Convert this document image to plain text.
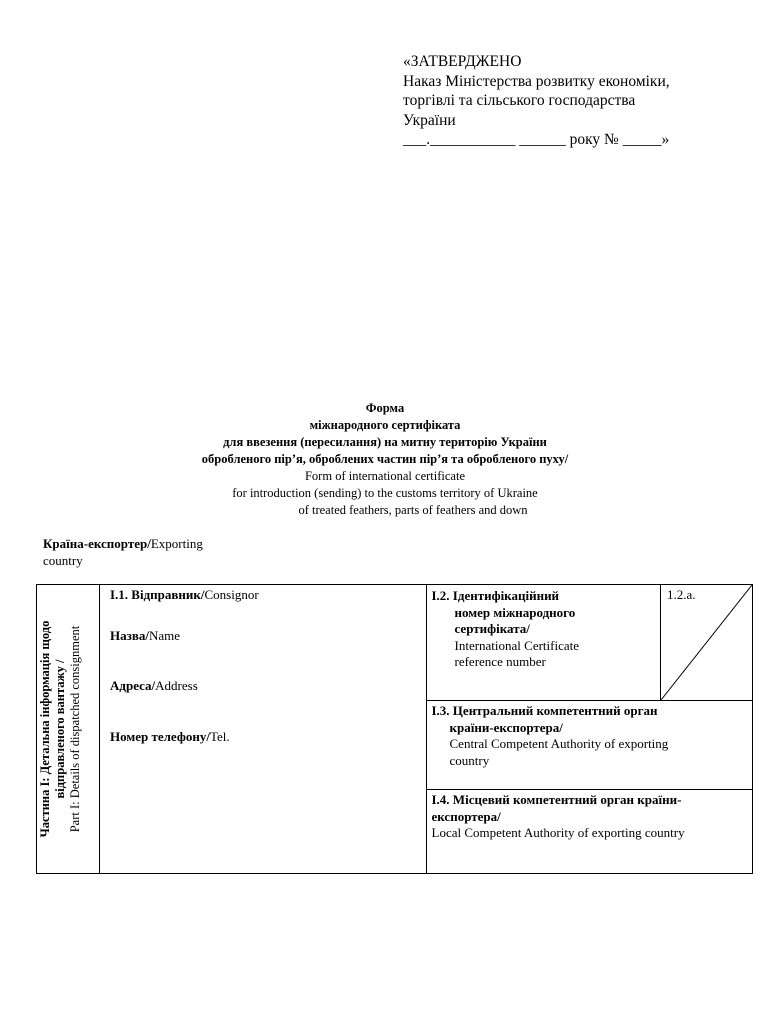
«ЗАТВЕРДЖЕНО
Наказ Міністерства розвитку економіки,
торгівлі та сільського господарства
України
___.___________ ______ року № _____»
Форма
міжнародного сертифіката
для ввезення (пересилання) на митну територію України
обробленого пір’я, оброблених частин пір’я та обробленого пуху/
Form of international certificate
for introduction (sending) to the customs territory of Ukraine
of treated feathers, parts of feathers and down
Країна-експортер/Exporting
country
Частина I: Детальна інформація щодо відправленого вантажу / Part I: Details of dispatched consignment

I.1. Відправник/Consignor
Назва/Name
Адреса/Address
Номер телефону/Tel.

I.2. Ідентифікаційний
номер міжнародного
сертифіката/
International Certificate
reference number
1.2.a.

I.3. Центральний компетентний орган
країни-експортера/
Central Competent Authority of exporting
country

I.4. Місцевий компетентний орган країни-
експортера/
Local Competent Authority of exporting country
